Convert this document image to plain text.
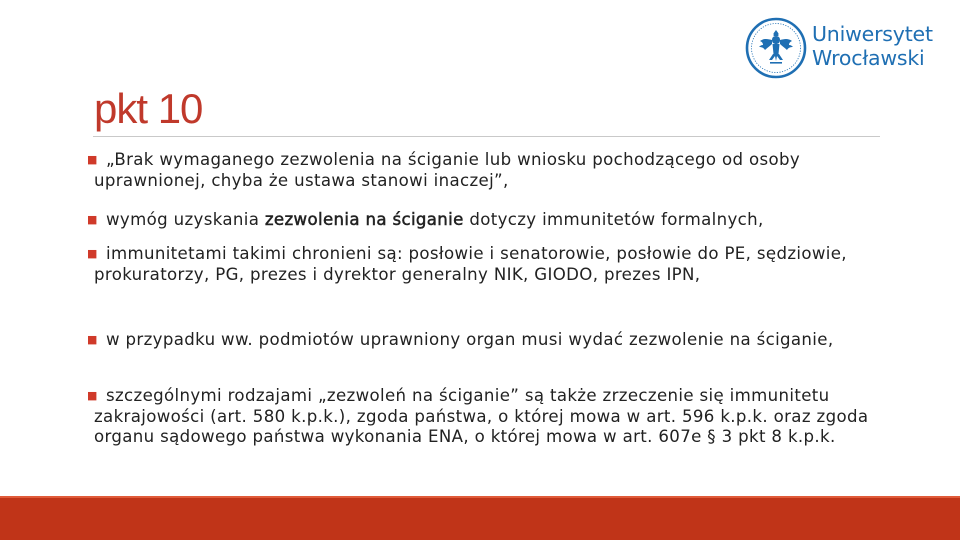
Uniwersytet
Wrocławski
pkt 10
■ „Brak wymaganego zezwolenia na ściganie lub wniosku pochodzącego od osoby uprawnionej, chyba że ustawa stanowi inaczej”,

■ wymóg uzyskania zezwolenia na ściganie dotyczy immunitetów formalnych,

■ immunitetami takimi chronieni są: posłowie i senatorowie, posłowie do PE, sędziowie, prokuratorzy, PG, prezes i dyrektor generalny NIK, GIODO, prezes IPN,

■ w przypadku ww. podmiotów uprawniony organ musi wydać zezwolenie na ściganie,

■ szczególnymi rodzajami „zezwoleń na ściganie” są także zrzeczenie się immunitetu zakrajowości (art. 580 k.p.k.), zgoda państwa, o której mowa w art. 596 k.p.k. oraz zgoda organu sądowego państwa wykonania ENA, o której mowa w art. 607e § 3 pkt 8 k.p.k.
